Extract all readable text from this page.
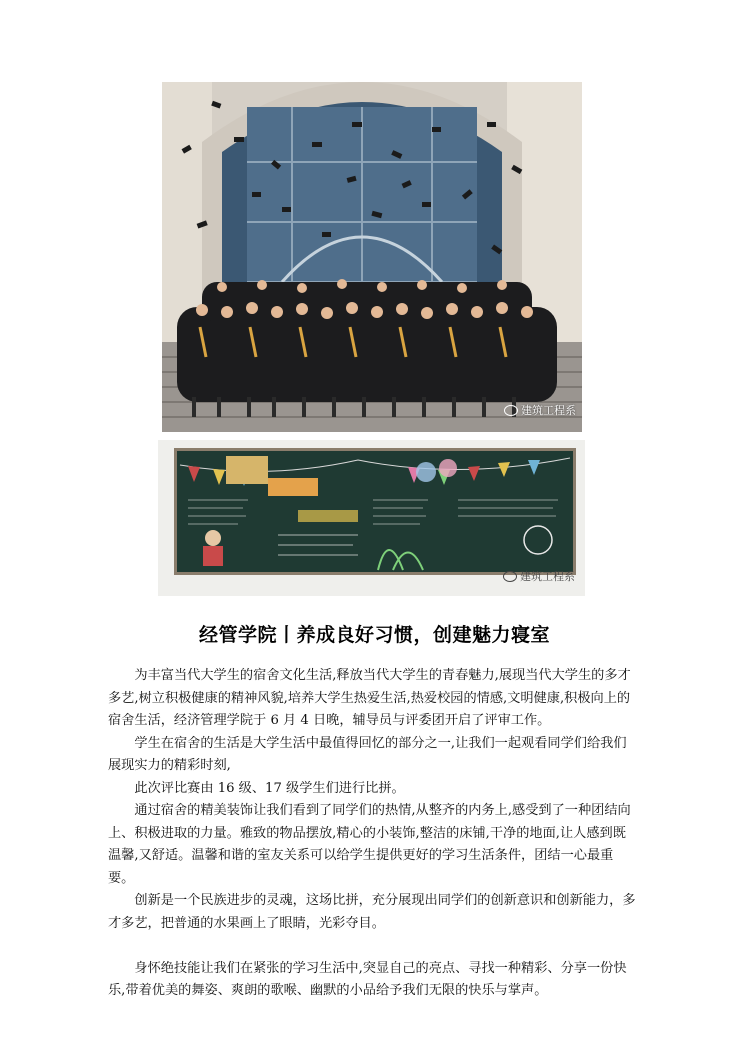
建筑工程系
建筑工程系
经管学院丨养成良好习惯，创建魅力寝室

为丰富当代大学生的宿舍文化生活,释放当代大学生的青春魅力,展现当代大学生的多才多艺,树立积极健康的精神风貌,培养大学生热爱生活,热爱校园的情感,文明健康,积极向上的宿舍生活，经济管理学院于 6 月 4 日晚，辅导员与评委团开启了评审工作。

学生在宿舍的生活是大学生活中最值得回忆的部分之一,让我们一起观看同学们给我们展现实力的精彩时刻,

此次评比赛由 16 级、17 级学生们进行比拼。

通过宿舍的精美装饰让我们看到了同学们的热情,从整齐的内务上,感受到了一种团结向上、积极进取的力量。雅致的物品摆放,精心的小装饰,整洁的床铺,干净的地面,让人感到既温馨,又舒适。温馨和谐的室友关系可以给学生提供更好的学习生活条件，团结一心最重要。

创新是一个民族进步的灵魂，这场比拼，充分展现出同学们的创新意识和创新能力，多才多艺，把普通的水果画上了眼睛，光彩夺目。

身怀绝技能让我们在紧张的学习生活中,突显自己的亮点、寻找一种精彩、分享一份快乐,带着优美的舞姿、爽朗的歌喉、幽默的小品给予我们无限的快乐与掌声。
